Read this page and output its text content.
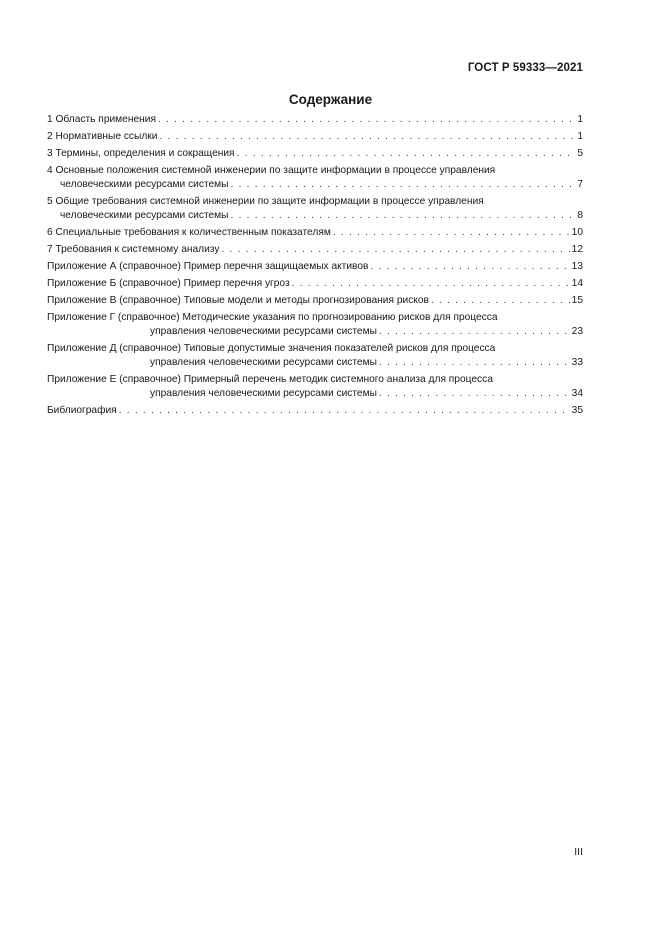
ГОСТ Р 59333—2021
Содержание
1 Область применения . . .	1
2 Нормативные ссылки . . .	1
3 Термины, определения и сокращения . . .	5
4 Основные положения системной инженерии по защите информации в процессе управления
человеческими ресурсами системы . . .	7
5 Общие требования системной инженерии по защите информации в процессе управления
человеческими ресурсами системы . . .	8
6 Специальные требования к количественным показателям . . .	10
7 Требования к системному анализу . . .	12
Приложение А (справочное) Пример перечня защищаемых активов . . .	13
Приложение Б (справочное) Пример перечня угроз . . .	14
Приложение В (справочное) Типовые модели и методы прогнозирования рисков . . .	15
Приложение Г (справочное) Методические указания по прогнозированию рисков для процесса
управления человеческими ресурсами системы . . .	23
Приложение Д (справочное) Типовые допустимые значения показателей рисков для процесса
управления человеческими ресурсами системы . . .	33
Приложение Е (справочное) Примерный перечень методик системного анализа для процесса
управления человеческими ресурсами системы . . .	34
Библиография . . .	35
III
